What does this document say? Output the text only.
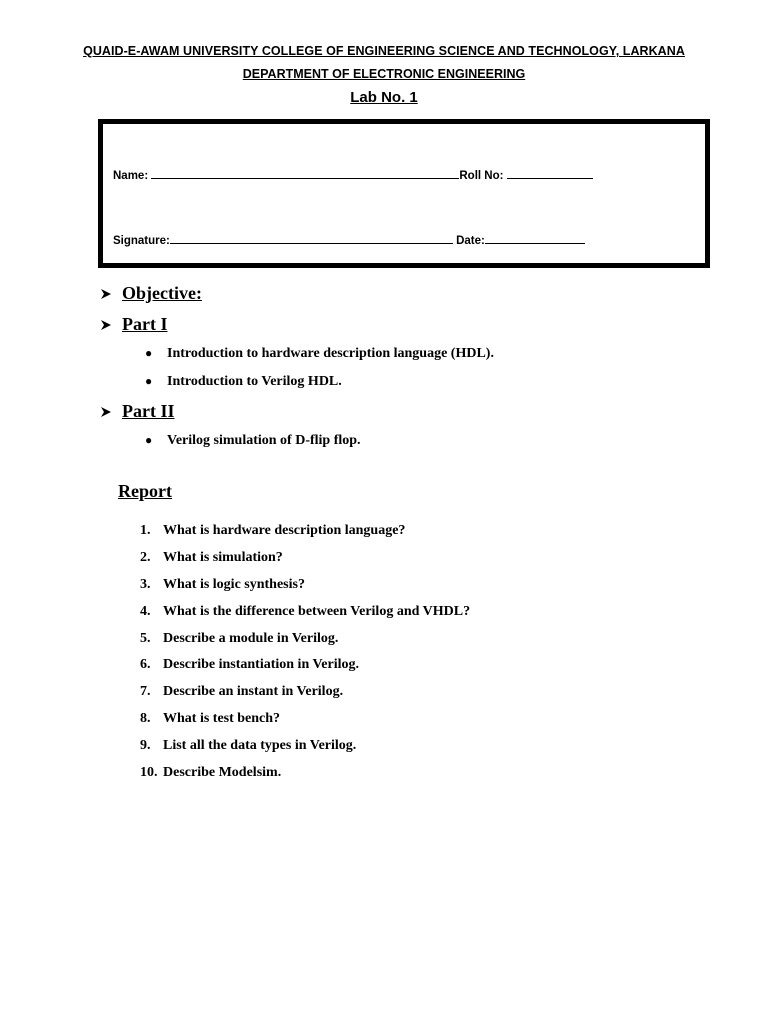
QUAID-E-AWAM UNIVERSITY COLLEGE OF ENGINEERING SCIENCE AND TECHNOLOGY, LARKANA
DEPARTMENT OF ELECTRONIC ENGINEERING
Lab No. 1
Name:	Roll No:
Signature:	Date:
Objective:
Part I
●	Introduction to hardware description language (HDL).
●	Introduction to Verilog HDL.
Part II
●	Verilog simulation of D-flip flop.
Report
1. What is hardware description language?
2. What is simulation?
3. What is logic synthesis?
4. What is the difference between Verilog and VHDL?
5. Describe a module in Verilog.
6. Describe instantiation in Verilog.
7. Describe an instant in Verilog.
8. What is test bench?
9. List all the data types in Verilog.
10. Describe Modelsim.
